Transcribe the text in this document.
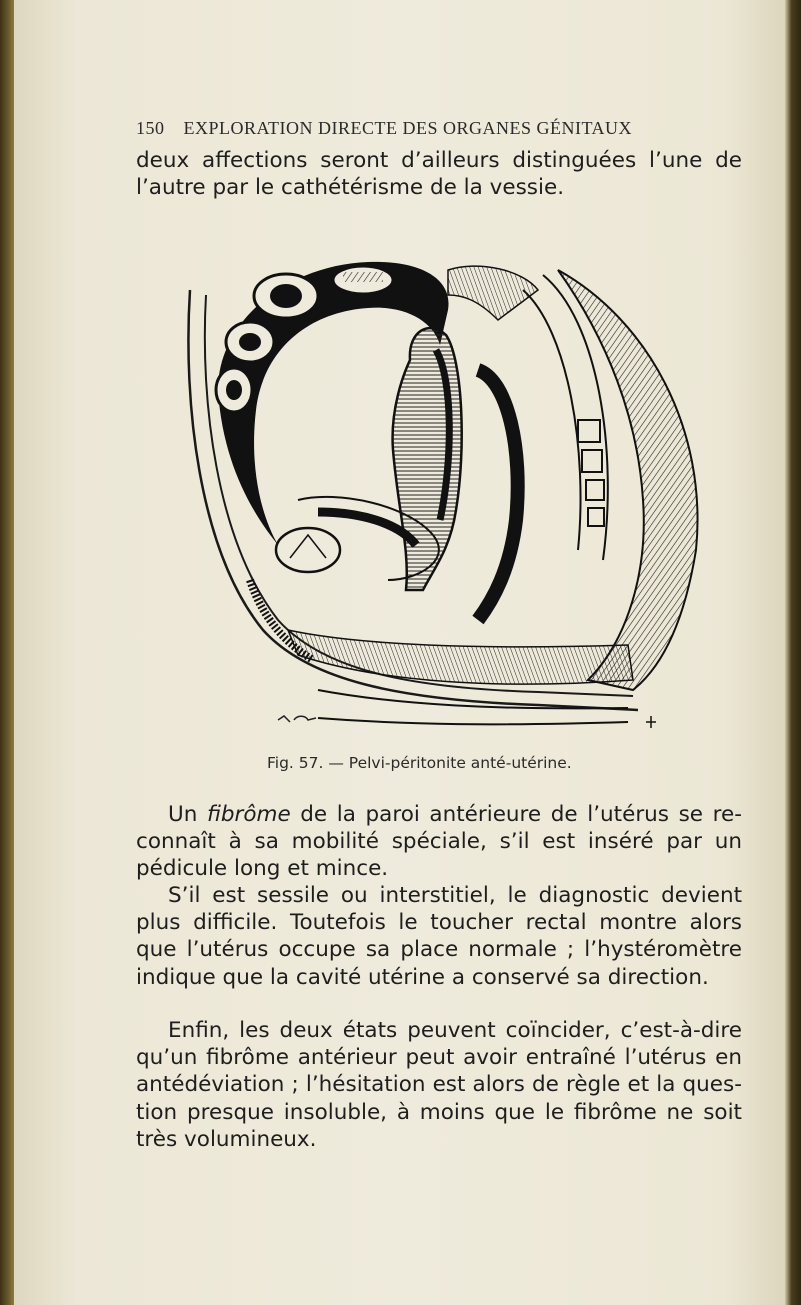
150 EXPLORATION DIRECTE DES ORGANES GÉNITAUX
deux affections seront d’ailleurs distinguées l’une de l’autre par le cathétérisme de la vessie.
Fig. 57. — Pelvi-péritonite anté-utérine.
Un fibrôme de la paroi antérieure de l’utérus se re-connaît à sa mobilité spéciale, s’il est inséré par un pédicule long et mince.
S’il est sessile ou interstitiel, le diagnostic devient plus difficile. Toutefois le toucher rectal montre alors que l’utérus occupe sa place normale ; l’hystéromètre indique que la cavité utérine a conservé sa direction.
Enfin, les deux états peuvent coïncider, c’est-à-dire qu’un fibrôme antérieur peut avoir entraîné l’utérus en antédéviation ; l’hésitation est alors de règle et la ques-tion presque insoluble, à moins que le fibrôme ne soit très volumineux.
